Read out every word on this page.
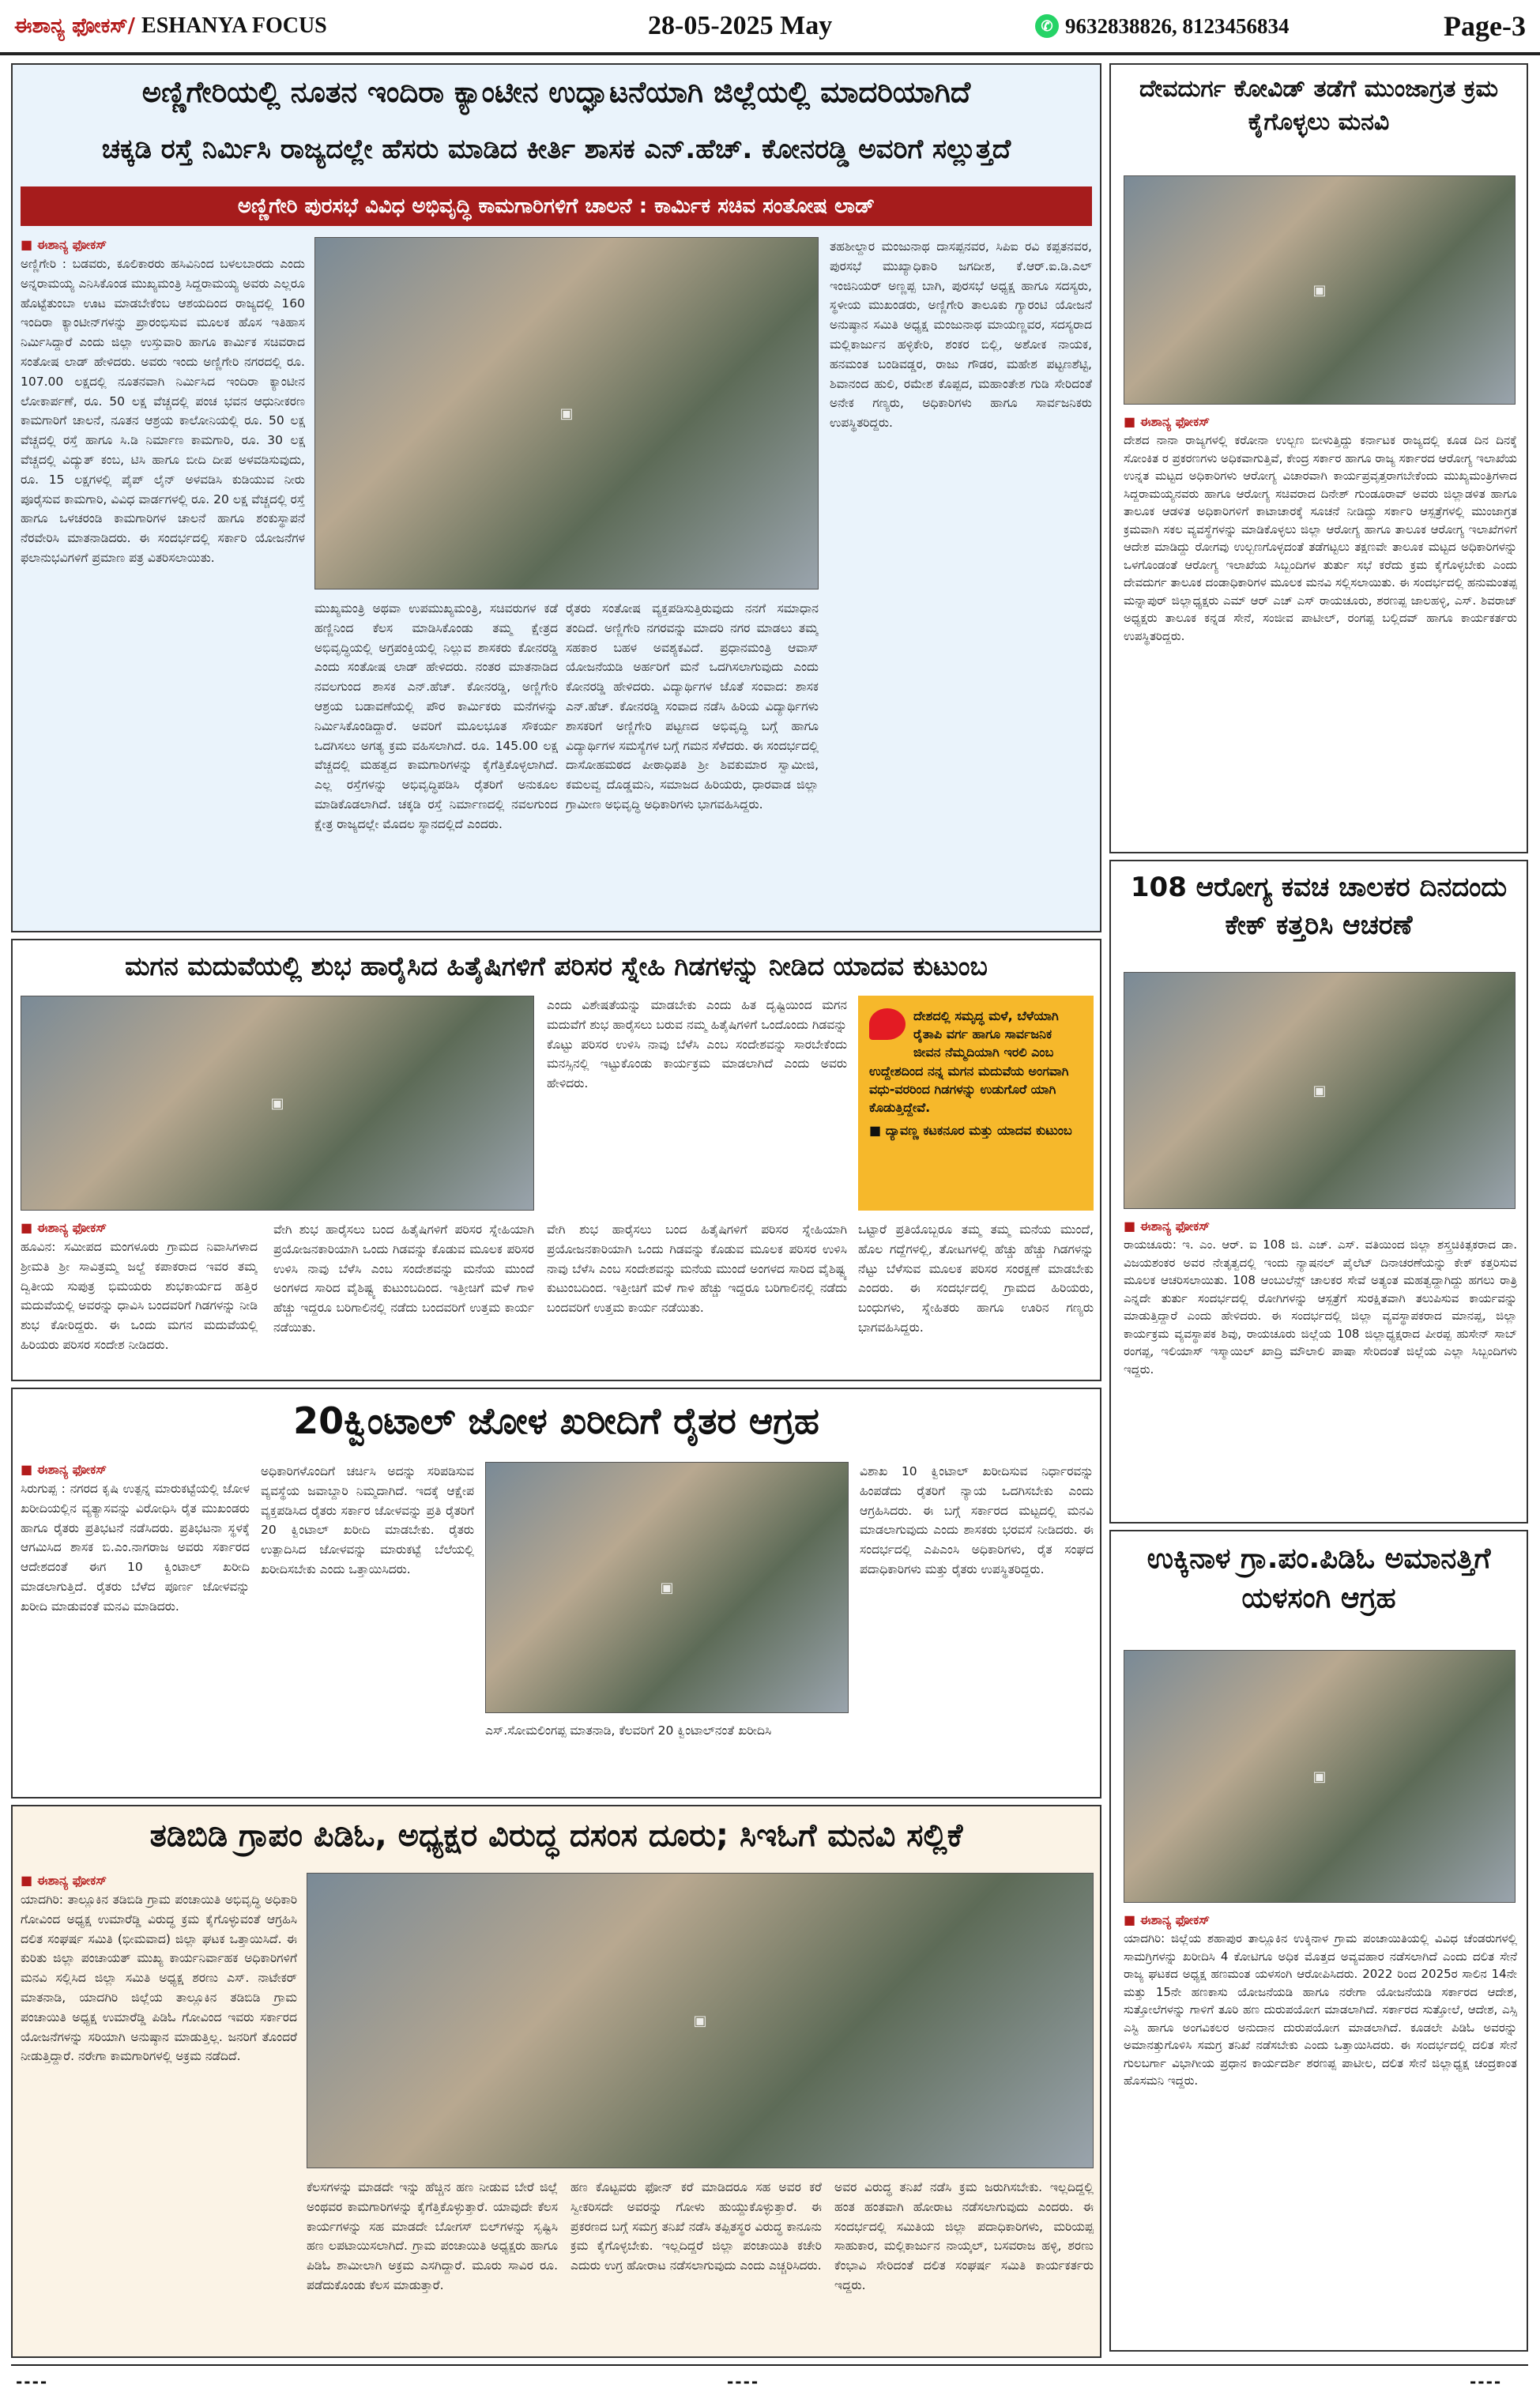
ಈಶಾನ್ಯ ಫೋಕಸ್/ ESHANYA FOCUS	28-05-2025 May	✆ 9632838826, 8123456834	Page-3
ಅಣ್ಣಿಗೇರಿಯಲ್ಲಿ ನೂತನ ಇಂದಿರಾ ಕ್ಯಾಂಟೀನ ಉದ್ಘಾಟನೆಯಾಗಿ ಜಿಲ್ಲೆಯಲ್ಲಿ ಮಾದರಿಯಾಗಿದೆ
ಚಕ್ಕಡಿ ರಸ್ತೆ ನಿರ್ಮಿಸಿ ರಾಜ್ಯದಲ್ಲೇ ಹೆಸರು ಮಾಡಿದ ಕೀರ್ತಿ ಶಾಸಕ ಎನ್.ಹೆಚ್. ಕೋನರಡ್ಡಿ ಅವರಿಗೆ ಸಲ್ಲುತ್ತದೆ
ಅಣ್ಣಿಗೇರಿ ಪುರಸಭೆ ವಿವಿಧ ಅಭಿವೃದ್ಧಿ ಕಾಮಗಾರಿಗಳಿಗೆ ಚಾಲನೆ : ಕಾರ್ಮಿಕ ಸಚಿವ ಸಂತೋಷ ಲಾಡ್
■ ಈಶಾನ್ಯ ಫೋಕಸ್
ಅಣ್ಣಿಗೇರಿ : ಬಡವರು, ಕೂಲಿಕಾರರು ಹಸಿವಿನಿಂದ ಬಳಲಬಾರದು ಎಂದು ಅನ್ನರಾಮಯ್ಯ ಎನಿಸಿಕೊಂಡ ಮುಖ್ಯಮಂತ್ರಿ ಸಿದ್ದರಾಮಯ್ಯ ಅವರು ಎಲ್ಲರೂ ಹೊಟ್ಟೆತುಂಬಾ ಊಟ ಮಾಡಬೇಕೆಂಬ ಆಶಯದಿಂದ ರಾಜ್ಯದಲ್ಲಿ 160 ಇಂದಿರಾ ಕ್ಯಾಂಟೀನ್‌ಗಳನ್ನು ಪ್ರಾರಂಭಿಸುವ ಮೂಲಕ ಹೊಸ ಇತಿಹಾಸ ನಿರ್ಮಿಸಿದ್ದಾರೆ ಎಂದು ಜಿಲ್ಲಾ ಉಸ್ತುವಾರಿ ಹಾಗೂ ಕಾರ್ಮಿಕ ಸಚಿವರಾದ ಸಂತೋಷ ಲಾಡ್ ಹೇಳಿದರು. ಅವರು ಇಂದು ಅಣ್ಣಿಗೇರಿ ನಗರದಲ್ಲಿ ರೂ. 107.00 ಲಕ್ಷದಲ್ಲಿ ನೂತನವಾಗಿ ನಿರ್ಮಿಸಿದ ಇಂದಿರಾ ಕ್ಯಾಂಟೀನ ಲೋಕಾರ್ಪಣೆ, ರೂ. 50 ಲಕ್ಷ ವೆಚ್ಚದಲ್ಲಿ ಪಂಚ ಭವನ ಆಧುನೀಕರಣ ಕಾಮಗಾರಿಗೆ ಚಾಲನೆ, ನೂತನ ಆಶ್ರಯ ಕಾಲೋನಿಯಲ್ಲಿ ರೂ. 50 ಲಕ್ಷ ವೆಚ್ಚದಲ್ಲಿ ರಸ್ತೆ ಹಾಗೂ ಸಿ.ಡಿ ನಿರ್ಮಾಣ ಕಾಮಗಾರಿ, ರೂ. 30 ಲಕ್ಷ ವೆಚ್ಚದಲ್ಲಿ ವಿದ್ಯುತ್ ಕಂಬ, ಟಿಸಿ ಹಾಗೂ ಬೀದಿ ದೀಪ ಅಳವಡಿಸುವುದು, ರೂ. 15 ಲಕ್ಷಗಳಲ್ಲಿ ಪೈಪ್ ಲೈನ್ ಅಳವಡಿಸಿ ಕುಡಿಯುವ ನೀರು ಪೂರೈಸುವ ಕಾಮಗಾರಿ, ವಿವಿಧ ವಾರ್ಡಗಳಲ್ಲಿ ರೂ. 20 ಲಕ್ಷ ವೆಚ್ಚದಲ್ಲಿ ರಸ್ತೆ ಹಾಗೂ ಒಳಚರಂಡಿ ಕಾಮಗಾರಿಗಳ ಚಾಲನೆ ಹಾಗೂ ಶಂಕುಸ್ಥಾಪನೆ ನೆರವೇರಿಸಿ ಮಾತನಾಡಿದರು. ಈ ಸಂದರ್ಭದಲ್ಲಿ ಸರ್ಕಾರಿ ಯೋಜನೆಗಳ ಫಲಾನುಭವಿಗಳಿಗೆ ಪ್ರಮಾಣ ಪತ್ರ ವಿತರಿಸಲಾಯಿತು.
▣
ಮುಖ್ಯಮಂತ್ರಿ ಅಥವಾ ಉಪಮುಖ್ಯಮಂತ್ರಿ, ಸಚಿವರುಗಳ ಕಡೆ ಹಣ್ಣಿನಿಂದ ಕೆಲಸ ಮಾಡಿಸಿಕೊಂಡು ತಮ್ಮ ಕ್ಷೇತ್ರದ ಅಭಿವೃದ್ಧಿಯಲ್ಲಿ ಅಗ್ರಪಂಕ್ತಿಯಲ್ಲಿ ನಿಲ್ಲುವ ಶಾಸಕರು ಕೋನರಡ್ಡಿ ಎಂದು ಸಂತೋಷ ಲಾಡ್ ಹೇಳಿದರು. ನಂತರ ಮಾತನಾಡಿದ ನವಲಗುಂದ ಶಾಸಕ ಎನ್.ಹೆಚ್. ಕೋನರಡ್ಡಿ, ಅಣ್ಣಿಗೇರಿ ಆಶ್ರಯ ಬಡಾವಣೆಯಲ್ಲಿ ಪೌರ ಕಾರ್ಮಿಕರು ಮನೆಗಳನ್ನು ನಿರ್ಮಿಸಿಕೊಂಡಿದ್ದಾರೆ. ಅವರಿಗೆ ಮೂಲಭೂತ ಸೌಕರ್ಯ ಒದಗಿಸಲು ಅಗತ್ಯ ಕ್ರಮ ವಹಿಸಲಾಗಿದೆ. ರೂ. 145.00 ಲಕ್ಷ ವೆಚ್ಚದಲ್ಲಿ ಮಹತ್ವದ ಕಾಮಗಾರಿಗಳನ್ನು ಕೈಗೆತ್ತಿಕೊಳ್ಳಲಾಗಿದೆ. ಎಲ್ಲ ರಸ್ತೆಗಳನ್ನು ಅಭಿವೃದ್ಧಿಪಡಿಸಿ ರೈತರಿಗೆ ಅನುಕೂಲ ಮಾಡಿಕೊಡಲಾಗಿದೆ. ಚಕ್ಕಡಿ ರಸ್ತೆ ನಿರ್ಮಾಣದಲ್ಲಿ ನವಲಗುಂದ ಕ್ಷೇತ್ರ ರಾಜ್ಯದಲ್ಲೇ ಮೊದಲ ಸ್ಥಾನದಲ್ಲಿದೆ ಎಂದರು.
ರೈತರು ಸಂತೋಷ ವ್ಯಕ್ತಪಡಿಸುತ್ತಿರುವುದು ನನಗೆ ಸಮಾಧಾನ ತಂದಿದೆ. ಅಣ್ಣಿಗೇರಿ ನಗರವನ್ನು ಮಾದರಿ ನಗರ ಮಾಡಲು ತಮ್ಮ ಸಹಕಾರ ಬಹಳ ಅವಶ್ಯಕವಿದೆ. ಪ್ರಧಾನಮಂತ್ರಿ ಆವಾಸ್ ಯೋಜನೆಯಡಿ ಅರ್ಹರಿಗೆ ಮನೆ ಒದಗಿಸಲಾಗುವುದು ಎಂದು ಕೋನರಡ್ಡಿ ಹೇಳಿದರು. ವಿದ್ಯಾರ್ಥಿಗಳ ಜೊತೆ ಸಂವಾದ: ಶಾಸಕ ಎನ್.ಹೆಚ್. ಕೋನರಡ್ಡಿ ಸಂವಾದ ನಡೆಸಿ ಹಿರಿಯ ವಿದ್ಯಾರ್ಥಿಗಳು ಶಾಸಕರಿಗೆ ಅಣ್ಣಿಗೇರಿ ಪಟ್ಟಣದ ಅಭಿವೃದ್ಧಿ ಬಗ್ಗೆ ಹಾಗೂ ವಿದ್ಯಾರ್ಥಿಗಳ ಸಮಸ್ಯೆಗಳ ಬಗ್ಗೆ ಗಮನ ಸೆಳೆದರು. ಈ ಸಂದರ್ಭದಲ್ಲಿ ದಾಸೋಹಮಠದ ಪೀಠಾಧಿಪತಿ ಶ್ರೀ ಶಿವಕುಮಾರ ಸ್ವಾಮೀಜಿ, ಕಮಲವ್ವ ದೊಡ್ಡಮನಿ, ಸಮಾಜದ ಹಿರಿಯರು, ಧಾರವಾಡ ಜಿಲ್ಲಾ ಗ್ರಾಮೀಣ ಅಭಿವೃದ್ಧಿ ಅಧಿಕಾರಿಗಳು ಭಾಗವಹಿಸಿದ್ದರು.
ತಹಶೀಲ್ದಾರ ಮಂಜುನಾಥ ದಾಸಪ್ಪನವರ, ಸಿಪಿಐ ರವಿ ಕಪ್ಪತನವರ, ಪುರಸಭೆ ಮುಖ್ಯಾಧಿಕಾರಿ ಜಗದೀಶ, ಕೆ.ಆರ್.ಐ.ಡಿ.ಎಲ್ ಇಂಜಿನಿಯರ್ ಅಣ್ಣಪ್ಪ ಬಾಗಿ, ಪುರಸಭೆ ಅಧ್ಯಕ್ಷ ಹಾಗೂ ಸದಸ್ಯರು, ಸ್ಥಳೀಯ ಮುಖಂಡರು, ಅಣ್ಣಿಗೇರಿ ತಾಲೂಕು ಗ್ಯಾರಂಟಿ ಯೋಜನೆ ಅನುಷ್ಠಾನ ಸಮಿತಿ ಅಧ್ಯಕ್ಷ ಮಂಜುನಾಥ ಮಾಯಣ್ಣವರ, ಸದಸ್ಯರಾದ ಮಲ್ಲಿಕಾರ್ಜುನ ಹಳ್ಳಿಕೇರಿ, ಶಂಕರ ಬಿಲ್ಲಿ, ಅಶೋಕ ನಾಯಕ, ಹನಮಂತ ಬಂಡಿವಡ್ಡರ, ರಾಜು ಗೌಡರ, ಮಹೇಶ ಪಟ್ಟಣಶೆಟ್ಟಿ, ಶಿವಾನಂದ ಹುಲಿ, ರಮೇಶ ಕೊಪ್ಪದ, ಮಹಾಂತೇಶ ಗುಡಿ ಸೇರಿದಂತೆ ಅನೇಕ ಗಣ್ಯರು, ಅಧಿಕಾರಿಗಳು ಹಾಗೂ ಸಾರ್ವಜನಿಕರು ಉಪಸ್ಥಿತರಿದ್ದರು.
ದೇವದುರ್ಗ ಕೋವಿಡ್ ತಡೆಗೆ ಮುಂಜಾಗ್ರತ ಕ್ರಮ ಕೈಗೊಳ್ಳಲು ಮನವಿ
▣
■ ಈಶಾನ್ಯ ಫೋಕಸ್
ದೇಶದ ನಾನಾ ರಾಜ್ಯಗಳಲ್ಲಿ ಕರೋನಾ ಉಲ್ಬಣ ಬೀಳುತ್ತಿದ್ದು ಕರ್ನಾಟಕ ರಾಜ್ಯದಲ್ಲಿ ಕೂಡ ದಿನ ದಿನಕ್ಕೆ ಸೋಂಕಿತ ರ ಪ್ರಕರಣಗಳು ಅಧಿಕವಾಗುತ್ತಿವೆ, ಕೇಂದ್ರ ಸರ್ಕಾರ ಹಾಗೂ ರಾಜ್ಯ ಸರ್ಕಾರದ ಆರೋಗ್ಯ ಇಲಾಖೆಯ ಉನ್ನತ ಮಟ್ಟದ ಅಧಿಕಾರಿಗಳು ಆರೋಗ್ಯ ವಿಚಾರವಾಗಿ ಕಾರ್ಯಪ್ರವೃತ್ತರಾಗಬೇಕೆಂದು ಮುಖ್ಯಮಂತ್ರಿಗಳಾದ ಸಿದ್ದರಾಮಯ್ಯನವರು ಹಾಗೂ ಆರೋಗ್ಯ ಸಚಿವರಾದ ದಿನೇಶ್ ಗುಂಡೂರಾವ್ ಅವರು ಜಿಲ್ಲಾಡಳಿತ ಹಾಗೂ ತಾಲೂಕ ಆಡಳಿತ ಅಧಿಕಾರಿಗಳಿಗೆ ಕಾಟಾಚಾರಕ್ಕೆ ಸೂಚನೆ ನೀಡಿದ್ದು ಸರ್ಕಾರಿ ಆಸ್ಪತ್ರೆಗಳಲ್ಲಿ ಮುಂಜಾಗ್ರತ ಕ್ರಮವಾಗಿ ಸಕಲ ವ್ಯವಸ್ಥೆಗಳನ್ನು ಮಾಡಿಕೊಳ್ಳಲು ಜಿಲ್ಲಾ ಆರೋಗ್ಯ ಹಾಗೂ ತಾಲೂಕ ಆರೋಗ್ಯ ಇಲಾಖೆಗಳಿಗೆ ಆದೇಶ ಮಾಡಿದ್ದು ರೋಗವು ಉಲ್ಬಣಗೊಳ್ಳದಂತೆ ತಡೆಗಟ್ಟಲು ತಕ್ಷಣವೇ ತಾಲೂಕ ಮಟ್ಟದ ಅಧಿಕಾರಿಗಳನ್ನು ಒಳಗೊಂಡಂತೆ ಆರೋಗ್ಯ ಇಲಾಖೆಯ ಸಿಬ್ಬಂದಿಗಳ ತುರ್ತು ಸಭೆ ಕರೆದು ಕ್ರಮ ಕೈಗೊಳ್ಳಬೇಕು ಎಂದು ದೇವದುರ್ಗ ತಾಲೂಕ ದಂಡಾಧಿಕಾರಿಗಳ ಮೂಲಕ ಮನವಿ ಸಲ್ಲಿಸಲಾಯಿತು. ಈ ಸಂದರ್ಭದಲ್ಲಿ ಹನುಮಂತಪ್ಪ ಮನ್ನಾಪುರ್ ಜಿಲ್ಲಾಧ್ಯಕ್ಷರು ಎಮ್ ಆರ್ ಎಚ್ ಎಸ್ ರಾಯಚೂರು, ಶರಣಪ್ಪ ಜಾಲಹಳ್ಳಿ, ಎಸ್. ಶಿವರಾಜ್ ಅಧ್ಯಕ್ಷರು ತಾಲೂಕ ಕನ್ನಡ ಸೇನೆ, ಸಂಜೀವ ಪಾಟೀಲ್, ರಂಗಪ್ಪ ಬಲ್ಲಿದವ್ ಹಾಗೂ ಕಾರ್ಯಕರ್ತರು ಉಪಸ್ಥಿತರಿದ್ದರು.
108 ಆರೋಗ್ಯ ಕವಚ ಚಾಲಕರ ದಿನದಂದು ಕೇಕ್ ಕತ್ತರಿಸಿ ಆಚರಣೆ
▣
■ ಈಶಾನ್ಯ ಫೋಕಸ್
ರಾಯಚೂರು: ಇ. ಎಂ. ಆರ್. ಐ 108 ಜಿ. ಎಚ್. ಎಸ್. ವತಿಯಿಂದ ಜಿಲ್ಲಾ ಶಸ್ತ್ರಚಿಕಿತ್ಸಕರಾದ ಡಾ. ವಿಜಯಶಂಕರ ಅವರ ನೇತೃತ್ವದಲ್ಲಿ ಇಂದು ನ್ಯಾಷನಲ್ ಪೈಲೆಟ್ ದಿನಾಚರಣೆಯನ್ನು ಕೇಕ್ ಕತ್ತರಿಸುವ ಮೂಲಕ ಆಚರಿಸಲಾಯಿತು. 108 ಆಂಬುಲೆನ್ಸ್ ಚಾಲಕರ ಸೇವೆ ಅತ್ಯಂತ ಮಹತ್ವದ್ದಾಗಿದ್ದು ಹಗಲು ರಾತ್ರಿ ಎನ್ನದೇ ತುರ್ತು ಸಂದರ್ಭದಲ್ಲಿ ರೋಗಿಗಳನ್ನು ಆಸ್ಪತ್ರೆಗೆ ಸುರಕ್ಷಿತವಾಗಿ ತಲುಪಿಸುವ ಕಾರ್ಯವನ್ನು ಮಾಡುತ್ತಿದ್ದಾರೆ ಎಂದು ಹೇಳಿದರು. ಈ ಸಂದರ್ಭದಲ್ಲಿ ಜಿಲ್ಲಾ ವ್ಯವಸ್ಥಾಪಕರಾದ ಮಾನಪ್ಪ, ಜಿಲ್ಲಾ ಕಾರ್ಯಕ್ರಮ ವ್ಯವಸ್ಥಾಪಕ ಶಿವು, ರಾಯಚೂರು ಜಿಲ್ಲೆಯ 108 ಜಿಲ್ಲಾಧ್ಯಕ್ಷರಾದ ಪೀರಪ್ಪ ಹುಸೇನ್ ಸಾಬ್ ರಂಗಪ್ಪ, ಇಲಿಯಾಸ್ ಇಸ್ಮಾಯಿಲ್ ಖಾದ್ರಿ ಮೌಲಾಲಿ ಪಾಷಾ ಸೇರಿದಂತೆ ಜಿಲ್ಲೆಯ ಎಲ್ಲಾ ಸಿಬ್ಬಂದಿಗಳು ಇದ್ದರು.
ಮಗನ ಮದುವೆಯಲ್ಲಿ ಶುಭ ಹಾರೈಸಿದ ಹಿತೈಷಿಗಳಿಗೆ ಪರಿಸರ ಸ್ನೇಹಿ ಗಿಡಗಳನ್ನು ನೀಡಿದ ಯಾದವ ಕುಟುಂಬ
▣
ಎಂದು ವಿಶೇಷತೆಯನ್ನು ಮಾಡಬೇಕು ಎಂದು ಹಿತ ದೃಷ್ಟಿಯಿಂದ ಮಗನ ಮದುವೆಗೆ ಶುಭ ಹಾರೈಸಲು ಬರುವ ನಮ್ಮ ಹಿತೈಷಿಗಳಿಗೆ ಒಂದೊಂದು ಗಿಡವನ್ನು ಕೊಟ್ಟು ಪರಿಸರ ಉಳಿಸಿ ನಾವು ಬೆಳೆಸಿ ಎಂಬ ಸಂದೇಶವನ್ನು ಸಾರಬೇಕೆಂದು ಮನಸ್ಸಿನಲ್ಲಿ ಇಟ್ಟುಕೊಂಡು ಕಾರ್ಯಕ್ರಮ ಮಾಡಲಾಗಿದೆ ಎಂದು ಅವರು ಹೇಳಿದರು.
ದೇಶದಲ್ಲಿ ಸಮೃದ್ಧ ಮಳೆ, ಬೆಳೆಯಾಗಿ ರೈತಾಪಿ ವರ್ಗ ಹಾಗೂ ಸಾರ್ವಜನಿಕ ಜೀವನ ನೆಮ್ಮದಿಯಾಗಿ ಇರಲಿ ಎಂಬ ಉದ್ದೇಶದಿಂದ ನನ್ನ ಮಗನ ಮದುವೆಯ ಅಂಗವಾಗಿ ವಧು-ವರರಿಂದ ಗಿಡಗಳನ್ನು ಉಡುಗೊರೆ ಯಾಗಿ ಕೊಡುತ್ತಿದ್ದೇವೆ.
■ ದ್ಯಾವಣ್ಣ ಕಟಕನೂರ ಮತ್ತು ಯಾದವ ಕುಟುಂಬ
■ ಈಶಾನ್ಯ ಫೋಕಸ್
ಹೂವಿನ: ಸಮೀಪದ ಮಂಗಳೂರು ಗ್ರಾಮದ ನಿವಾಸಿಗಳಾದ ಶ್ರೀಮತಿ ಶ್ರೀ ಸಾವಿತ್ರಮ್ಮ ಜಲ್ದೆ ಕಪಾಕರಾದ ಇವರ ತಮ್ಮ ದ್ವಿತೀಯ ಸುಪುತ್ರ ಭಿಮಯರು ಶುಭಕಾರ್ಯದ ಹತ್ತಿರ ಮದುವೆಯಲ್ಲಿ ಅವರನ್ನು ಧಾವಿಸಿ ಬಂದವರಿಗೆ ಗಿಡಗಳನ್ನು ನೀಡಿ ಶುಭ ಕೋರಿದ್ದರು. ಈ ಒಂದು ಮಗನ ಮದುವೆಯಲ್ಲಿ ಹಿರಿಯರು ಪರಿಸರ ಸಂದೇಶ ನೀಡಿದರು.
ವೇಗಿ ಶುಭ ಹಾರೈಸಲು ಬಂದ ಹಿತೈಷಿಗಳಿಗೆ ಪರಿಸರ ಸ್ನೇಹಿಯಾಗಿ ಪ್ರಯೋಜನಕಾರಿಯಾಗಿ ಒಂದು ಗಿಡವನ್ನು ಕೊಡುವ ಮೂಲಕ ಪರಿಸರ ಉಳಿಸಿ ನಾವು ಬೆಳೆಸಿ ಎಂಬ ಸಂದೇಶವನ್ನು ಮನೆಯ ಮುಂದೆ ಅಂಗಳದ ಸಾರಿದ ವೈಶಿಷ್ಟ್ಯ ಕುಟುಂಬದಿಂದ. ಇತ್ತೀಚಿಗೆ ಮಳೆ ಗಾಳಿ ಹೆಚ್ಚು ಇದ್ದರೂ ಬರಿಗಾಲಿನಲ್ಲಿ ನಡೆದು ಬಂದವರಿಗೆ ಉತ್ತಮ ಕಾರ್ಯ ನಡೆಯಿತು.
ವೇಗಿ ಶುಭ ಹಾರೈಸಲು ಬಂದ ಹಿತೈಷಿಗಳಿಗೆ ಪರಿಸರ ಸ್ನೇಹಿಯಾಗಿ ಪ್ರಯೋಜನಕಾರಿಯಾಗಿ ಒಂದು ಗಿಡವನ್ನು ಕೊಡುವ ಮೂಲಕ ಪರಿಸರ ಉಳಿಸಿ ನಾವು ಬೆಳೆಸಿ ಎಂಬ ಸಂದೇಶವನ್ನು ಮನೆಯ ಮುಂದೆ ಅಂಗಳದ ಸಾರಿದ ವೈಶಿಷ್ಟ್ಯ ಕುಟುಂಬದಿಂದ. ಇತ್ತೀಚಿಗೆ ಮಳೆ ಗಾಳಿ ಹೆಚ್ಚು ಇದ್ದರೂ ಬರಿಗಾಲಿನಲ್ಲಿ ನಡೆದು ಬಂದವರಿಗೆ ಉತ್ತಮ ಕಾರ್ಯ ನಡೆಯಿತು.
ಒಟ್ಟಾರೆ ಪ್ರತಿಯೊಬ್ಬರೂ ತಮ್ಮ ತಮ್ಮ ಮನೆಯ ಮುಂದೆ, ಹೊಲ ಗದ್ದೆಗಳಲ್ಲಿ, ತೋಟಗಳಲ್ಲಿ ಹೆಚ್ಚು ಹೆಚ್ಚು ಗಿಡಗಳನ್ನು ನೆಟ್ಟು ಬೆಳೆಸುವ ಮೂಲಕ ಪರಿಸರ ಸಂರಕ್ಷಣೆ ಮಾಡಬೇಕು ಎಂದರು. ಈ ಸಂದರ್ಭದಲ್ಲಿ ಗ್ರಾಮದ ಹಿರಿಯರು, ಬಂಧುಗಳು, ಸ್ನೇಹಿತರು ಹಾಗೂ ಊರಿನ ಗಣ್ಯರು ಭಾಗವಹಿಸಿದ್ದರು.
20ಕ್ವಿಂಟಾಲ್ ಜೋಳ ಖರೀದಿಗೆ ರೈತರ ಆಗ್ರಹ
■ ಈಶಾನ್ಯ ಫೋಕಸ್
ಸಿರುಗುಪ್ಪ : ನಗರದ ಕೃಷಿ ಉತ್ಪನ್ನ ಮಾರುಕಟ್ಟೆಯಲ್ಲಿ ಜೋಳ ಖರೀದಿಯಲ್ಲಿನ ವ್ಯತ್ಯಾಸವನ್ನು ವಿರೋಧಿಸಿ ರೈತ ಮುಖಂಡರು ಹಾಗೂ ರೈತರು ಪ್ರತಿಭಟನೆ ನಡೆಸಿದರು. ಪ್ರತಿಭಟನಾ ಸ್ಥಳಕ್ಕೆ ಆಗಮಿಸಿದ ಶಾಸಕ ಬಿ.ಎಂ.ನಾಗರಾಜ ಅವರು ಸರ್ಕಾರದ ಆದೇಶದಂತೆ ಈಗ 10 ಕ್ವಿಂಟಾಲ್ ಖರೀದಿ ಮಾಡಲಾಗುತ್ತಿದೆ. ರೈತರು ಬೆಳೆದ ಪೂರ್ಣ ಜೋಳವನ್ನು ಖರೀದಿ ಮಾಡುವಂತೆ ಮನವಿ ಮಾಡಿದರು.
ಅಧಿಕಾರಿಗಳೊಂದಿಗೆ ಚರ್ಚಿಸಿ ಅದನ್ನು ಸರಿಪಡಿಸುವ ವ್ಯವಸ್ಥೆಯ ಜವಾಬ್ದಾರಿ ನಿಮ್ಮದಾಗಿದೆ. ಇದಕ್ಕೆ ಆಕ್ಷೇಪ ವ್ಯಕ್ತಪಡಿಸಿದ ರೈತರು ಸರ್ಕಾರ ಜೋಳವನ್ನು ಪ್ರತಿ ರೈತರಿಗೆ 20 ಕ್ವಿಂಟಾಲ್ ಖರೀದಿ ಮಾಡಬೇಕು. ರೈತರು ಉತ್ಪಾದಿಸಿದ ಜೋಳವನ್ನು ಮಾರುಕಟ್ಟೆ ಬೆಲೆಯಲ್ಲಿ ಖರೀದಿಸಬೇಕು ಎಂದು ಒತ್ತಾಯಿಸಿದರು.
▣
ಎಸ್.ಸೋಮಲಿಂಗಪ್ಪ ಮಾತನಾಡಿ, ಕೆಲವರಿಗೆ 20 ಕ್ವಿಂಟಾಲ್‌ನಂತೆ ಖರೀದಿಸಿ
ವಿಶಾಖ 10 ಕ್ವಿಂಟಾಲ್ ಖರೀದಿಸುವ ನಿರ್ಧಾರವನ್ನು ಹಿಂಪಡೆದು ರೈತರಿಗೆ ನ್ಯಾಯ ಒದಗಿಸಬೇಕು ಎಂದು ಆಗ್ರಹಿಸಿದರು. ಈ ಬಗ್ಗೆ ಸರ್ಕಾರದ ಮಟ್ಟದಲ್ಲಿ ಮನವಿ ಮಾಡಲಾಗುವುದು ಎಂದು ಶಾಸಕರು ಭರವಸೆ ನೀಡಿದರು. ಈ ಸಂದರ್ಭದಲ್ಲಿ ಎಪಿಎಂಸಿ ಅಧಿಕಾರಿಗಳು, ರೈತ ಸಂಘದ ಪದಾಧಿಕಾರಿಗಳು ಮತ್ತು ರೈತರು ಉಪಸ್ಥಿತರಿದ್ದರು.	ಉಕ್ಕಿನಾಳ ಗ್ರಾ.ಪಂ.ಪಿಡಿಓ ಅಮಾನತ್ತಿಗೆ ಯಳಸಂಗಿ ಆಗ್ರಹ
▣
■ ಈಶಾನ್ಯ ಫೋಕಸ್
ಯಾದಗಿರಿ: ಜಿಲ್ಲೆಯ ಶಹಾಪುರ ತಾಲ್ಲೂಕಿನ ಉಕ್ಕಿನಾಳ ಗ್ರಾಮ ಪಂಚಾಯಿತಿಯಲ್ಲಿ ವಿವಿಧ ಚೆಂಡರುಗಳಲ್ಲಿ ಸಾಮಗ್ರಿಗಳನ್ನು ಖರೀದಿಸಿ 4 ಕೋಟಿಗೂ ಅಧಿಕ ಮೊತ್ತದ ಅವ್ಯವಹಾರ ನಡೆಸಲಾಗಿದೆ ಎಂದು ದಲಿತ ಸೇನೆ ರಾಜ್ಯ ಘಟಕದ ಅಧ್ಯಕ್ಷ ಹಣಮಂತ ಯಳಸಂಗಿ ಆರೋಪಿಸಿದರು. 2022 ರಿಂದ 2025ರ ಸಾಲಿನ 14ನೇ ಮತ್ತು 15ನೇ ಹಣಕಾಸು ಯೋಜನೆಯಡಿ ಹಾಗೂ ನರೇಗಾ ಯೋಜನೆಯಡಿ ಸರ್ಕಾರದ ಆದೇಶ, ಸುತ್ತೋಲೆಗಳನ್ನು ಗಾಳಿಗೆ ತೂರಿ ಹಣ ದುರುಪಯೋಗ ಮಾಡಲಾಗಿದೆ. ಸರ್ಕಾರದ ಸುತ್ತೋಲೆ, ಆದೇಶ, ಎಸ್ಸಿ ಎಸ್ಟಿ ಹಾಗೂ ಅಂಗವಿಕಲರ ಅನುದಾನ ದುರುಪಯೋಗ ಮಾಡಲಾಗಿದೆ. ಕೂಡಲೇ ಪಿಡಿಓ ಅವರನ್ನು ಅಮಾನತ್ತುಗೊಳಿಸಿ ಸಮಗ್ರ ತನಿಖೆ ನಡೆಸಬೇಕು ಎಂದು ಒತ್ತಾಯಿಸಿದರು. ಈ ಸಂದರ್ಭದಲ್ಲಿ ದಲಿತ ಸೇನೆ ಗುಲಬರ್ಗಾ ವಿಭಾಗೀಯ ಪ್ರಧಾನ ಕಾರ್ಯದರ್ಶಿ ಶರಣಪ್ಪ ಪಾಟೀಲ, ದಲಿತ ಸೇನೆ ಜಿಲ್ಲಾಧ್ಯಕ್ಷ ಚಂದ್ರಕಾಂತ ಹೊಸಮನಿ ಇದ್ದರು.
ತಡಿಬಿಡಿ ಗ್ರಾಪಂ ಪಿಡಿಓ, ಅಧ್ಯಕ್ಷರ ವಿರುದ್ಧ ದಸಂಸ ದೂರು; ಸಿಇಓಗೆ ಮನವಿ ಸಲ್ಲಿಕೆ
■ ಈಶಾನ್ಯ ಫೋಕಸ್
ಯಾದಗಿರಿ: ತಾಲ್ಲೂಕಿನ ತಡಿಬಿಡಿ ಗ್ರಾಮ ಪಂಚಾಯಿತಿ ಅಭಿವೃದ್ಧಿ ಅಧಿಕಾರಿ ಗೋವಿಂದ ಅಧ್ಯಕ್ಷ ಉಮಾರೆಡ್ಡಿ ವಿರುದ್ಧ ಕ್ರಮ ಕೈಗೊಳ್ಳುವಂತೆ ಆಗ್ರಹಿಸಿ ದಲಿತ ಸಂಘರ್ಷ ಸಮಿತಿ (ಭೀಮವಾದ) ಜಿಲ್ಲಾ ಘಟಕ ಒತ್ತಾಯಿಸಿದೆ. ಈ ಕುರಿತು ಜಿಲ್ಲಾ ಪಂಚಾಯತ್ ಮುಖ್ಯ ಕಾರ್ಯನಿರ್ವಾಹಕ ಅಧಿಕಾರಿಗಳಿಗೆ ಮನವಿ ಸಲ್ಲಿಸಿದ ಜಿಲ್ಲಾ ಸಮಿತಿ ಅಧ್ಯಕ್ಷ ಶರಣು ಎಸ್. ನಾಟೇಕರ್ ಮಾತನಾಡಿ, ಯಾದಗಿರಿ ಜಿಲ್ಲೆಯ ತಾಲ್ಲೂಕಿನ ತಡಿಬಿಡಿ ಗ್ರಾಮ ಪಂಚಾಯಿತಿ ಅಧ್ಯಕ್ಷ ಉಮಾರೆಡ್ಡಿ ಪಿಡಿಓ ಗೋವಿಂದ ಇವರು ಸರ್ಕಾರದ ಯೋಜನೆಗಳನ್ನು ಸರಿಯಾಗಿ ಅನುಷ್ಠಾನ ಮಾಡುತ್ತಿಲ್ಲ. ಜನರಿಗೆ ತೊಂದರೆ ನೀಡುತ್ತಿದ್ದಾರೆ. ನರೇಗಾ ಕಾಮಗಾರಿಗಳಲ್ಲಿ ಅಕ್ರಮ ನಡೆದಿದೆ.
▣
ಕೆಲಸಗಳನ್ನು ಮಾಡದೇ ಇನ್ನು ಹೆಚ್ಚಿನ ಹಣ ನೀಡುವ ಬೇರೆ ಜಿಲ್ಲೆ ಅಂಥವರ ಕಾಮಗಾರಿಗಳನ್ನು ಕೈಗೆತ್ತಿಕೊಳ್ಳುತ್ತಾರೆ. ಯಾವುದೇ ಕೆಲಸ ಕಾರ್ಯಗಳನ್ನು ಸಹ ಮಾಡದೇ ಬೋಗಸ್ ಬಿಲ್‌ಗಳನ್ನು ಸೃಷ್ಟಿಸಿ ಹಣ ಲಪಟಾಯಿಸಲಾಗಿದೆ. ಗ್ರಾಮ ಪಂಚಾಯಿತಿ ಅಧ್ಯಕ್ಷರು ಹಾಗೂ ಪಿಡಿಓ ಶಾಮೀಲಾಗಿ ಅಕ್ರಮ ಎಸಗಿದ್ದಾರೆ. ಮೂರು ಸಾವಿರ ರೂ. ಪಡೆದುಕೊಂಡು ಕೆಲಸ ಮಾಡುತ್ತಾರೆ.
ಹಣ ಕೊಟ್ಟವರು ಫೋನ್ ಕರೆ ಮಾಡಿದರೂ ಸಹ ಅವರ ಕರೆ ಸ್ವೀಕರಿಸದೇ ಅವರನ್ನು ಗೋಳು ಹುಯ್ದುಕೊಳ್ಳುತ್ತಾರೆ. ಈ ಪ್ರಕರಣದ ಬಗ್ಗೆ ಸಮಗ್ರ ತನಿಖೆ ನಡೆಸಿ ತಪ್ಪಿತಸ್ಥರ ವಿರುದ್ಧ ಕಾನೂನು ಕ್ರಮ ಕೈಗೊಳ್ಳಬೇಕು. ಇಲ್ಲದಿದ್ದರೆ ಜಿಲ್ಲಾ ಪಂಚಾಯಿತಿ ಕಚೇರಿ ಎದುರು ಉಗ್ರ ಹೋರಾಟ ನಡೆಸಲಾಗುವುದು ಎಂದು ಎಚ್ಚರಿಸಿದರು.
ಅವರ ವಿರುದ್ಧ ತನಿಖೆ ನಡೆಸಿ ಕ್ರಮ ಜರುಗಿಸಬೇಕು. ಇಲ್ಲದಿದ್ದಲ್ಲಿ ಹಂತ ಹಂತವಾಗಿ ಹೋರಾಟ ನಡೆಸಲಾಗುವುದು ಎಂದರು. ಈ ಸಂದರ್ಭದಲ್ಲಿ ಸಮಿತಿಯ ಜಿಲ್ಲಾ ಪದಾಧಿಕಾರಿಗಳು, ಮರಿಯಪ್ಪ ಸಾಹುಕಾರ, ಮಲ್ಲಿಕಾರ್ಜುನ ನಾಯ್ಕಲ್, ಬಸವರಾಜ ಹಳ್ಳಿ, ಶರಣು ಕೆಂಭಾವಿ ಸೇರಿದಂತೆ ದಲಿತ ಸಂಘರ್ಷ ಸಮಿತಿ ಕಾರ್ಯಕರ್ತರು ಇದ್ದರು.
----	----	----
